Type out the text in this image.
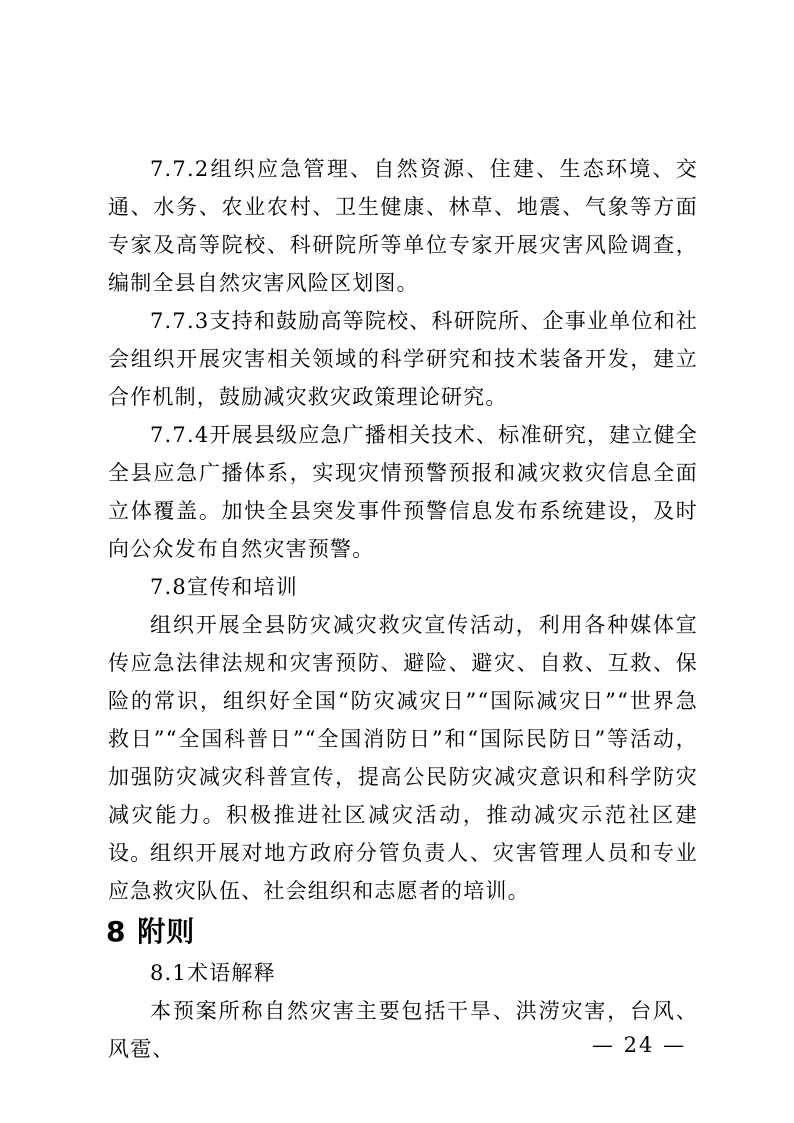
7.7.2组织应急管理、自然资源、住建、生态环境、交通、水务、农业农村、卫生健康、林草、地震、气象等方面专家及高等院校、科研院所等单位专家开展灾害风险调查，编制全县自然灾害风险区划图。

7.7.3支持和鼓励高等院校、科研院所、企事业单位和社会组织开展灾害相关领域的科学研究和技术装备开发，建立合作机制，鼓励减灾救灾政策理论研究。

7.7.4开展县级应急广播相关技术、标准研究，建立健全全县应急广播体系，实现灾情预警预报和减灾救灾信息全面立体覆盖。加快全县突发事件预警信息发布系统建设，及时向公众发布自然灾害预警。

7.8宣传和培训

组织开展全县防灾减灾救灾宣传活动，利用各种媒体宣传应急法律法规和灾害预防、避险、避灾、自救、互救、保险的常识，组织好全国“防灾减灾日”“国际减灾日”“世界急救日”“全国科普日”“全国消防日”和“国际民防日”等活动，加强防灾减灾科普宣传，提高公民防灾减灾意识和科学防灾减灾能力。积极推进社区减灾活动，推动减灾示范社区建设。

组织开展对地方政府分管负责人、灾害管理人员和专业应急救灾队伍、社会组织和志愿者的培训。

8 附则

8.1术语解释

本预案所称自然灾害主要包括干旱、洪涝灾害，台风、风雹、	— 24 —
